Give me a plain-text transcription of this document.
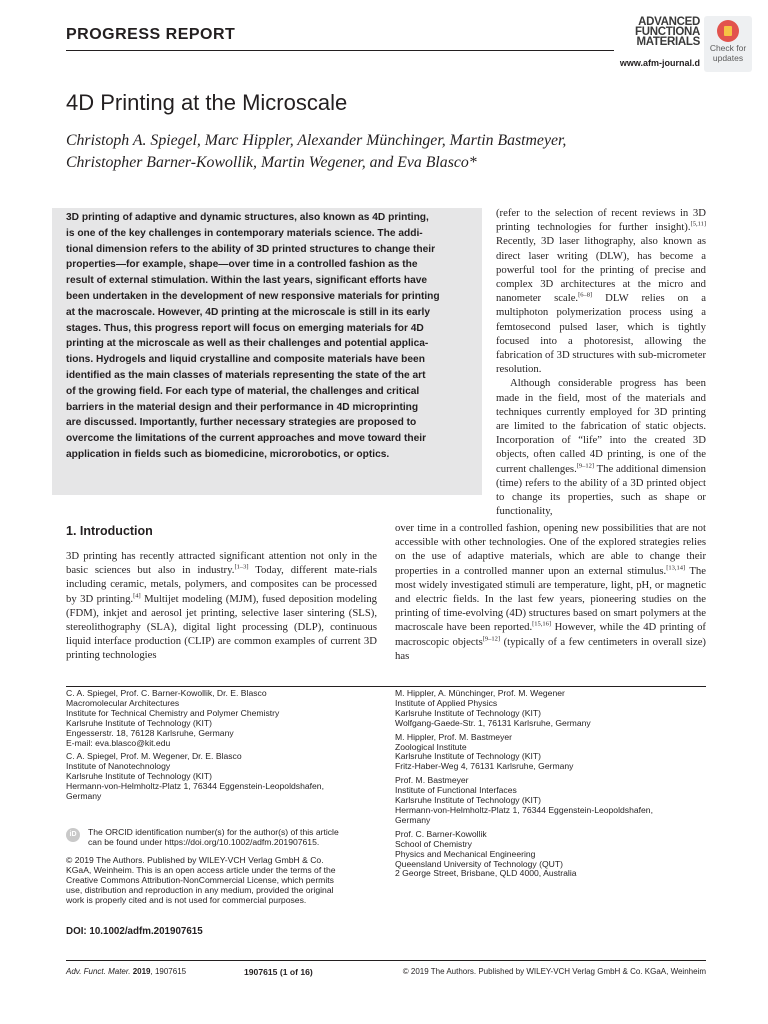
PROGRESS REPORT
ADVANCED
FUNCTIONA
MATERIALS
www.afm-journal.d
Check for
updates
4D Printing at the Microscale
Christoph A. Spiegel, Marc Hippler, Alexander Münchinger, Martin Bastmeyer,
Christopher Barner-Kowollik, Martin Wegener, and Eva Blasco*
3D printing of adaptive and dynamic structures, also known as 4D printing,
is one of the key challenges in contemporary materials science. The addi-
tional dimension refers to the ability of 3D printed structures to change their
properties—for example, shape—over time in a controlled fashion as the
result of external stimulation. Within the last years, significant efforts have
been undertaken in the development of new responsive materials for printing
at the macroscale. However, 4D printing at the microscale is still in its early
stages. Thus, this progress report will focus on emerging materials for 4D
printing at the microscale as well as their challenges and potential applica-
tions. Hydrogels and liquid crystalline and composite materials have been
identified as the main classes of materials representing the state of the art
of the growing field. For each type of material, the challenges and critical
barriers in the material design and their performance in 4D microprinting
are discussed. Importantly, further necessary strategies are proposed to
overcome the limitations of the current approaches and move toward their
application in fields such as biomedicine, microrobotics, or optics.
(refer to the selection of recent reviews in 3D printing technologies for further insight).[5,11] Recently, 3D laser lithography, also known as direct laser writing (DLW), has become a powerful tool for the printing of precise and complex 3D architectures at the micro and nanometer scale.[6–8] DLW relies on a multiphoton polymerization process using a femtosecond pulsed laser, which is tightly focused into a photoresist, allowing the fabrication of 3D structures with sub-micrometer resolution.
Although considerable progress has been made in the field, most of the materials and techniques currently employed for 3D printing are limited to the fabrication of static objects. Incorporation of “life” into the created 3D objects, often called 4D printing, is one of the current challenges.[9–12] The additional dimension (time) refers to the ability of a 3D printed object to change its properties, such as shape or functionality,
1. Introduction
3D printing has recently attracted significant attention not only in the basic sciences but also in industry.[1–3] Today, different mate-rials including ceramic, metals, polymers, and composites can be processed by 3D printing.[4] Multijet modeling (MJM), fused deposition modeling (FDM), inkjet and aerosol jet printing, selective laser sintering (SLS), stereolithography (SLA), digital light processing (DLP), continuous liquid interface production (CLIP) are common examples of current 3D printing technologies
over time in a controlled fashion, opening new possibilities that are not accessible with other technologies. One of the explored strategies relies on the use of adaptive materials, which are able to change their properties in a controlled manner upon an external stimulus.[13,14] The most widely investigated stimuli are temperature, light, pH, or magnetic and electric fields. In the last few years, pioneering studies on the printing of time-evolving (4D) structures based on smart polymers at the macroscale have been reported.[15,16] However, while the 4D printing of macroscopic objects[9–12] (typically of a few centimeters in overall size) has
C. A. Spiegel, Prof. C. Barner-Kowollik, Dr. E. Blasco
Macromolecular Architectures
Institute for Technical Chemistry and Polymer Chemistry
Karlsruhe Institute of Technology (KIT)
Engesserstr. 18, 76128 Karlsruhe, Germany
E-mail: eva.blasco@kit.edu
C. A. Spiegel, Prof. M. Wegener, Dr. E. Blasco
Institute of Nanotechnology
Karlsruhe Institute of Technology (KIT)
Hermann-von-Helmholtz-Platz 1, 76344 Eggenstein-Leopoldshafen,
Germany
M. Hippler, A. Münchinger, Prof. M. Wegener
Institute of Applied Physics
Karlsruhe Institute of Technology (KIT)
Wolfgang-Gaede-Str. 1, 76131 Karlsruhe, Germany
M. Hippler, Prof. M. Bastmeyer
Zoological Institute
Karlsruhe Institute of Technology (KIT)
Fritz-Haber-Weg 4, 76131 Karlsruhe, Germany
Prof. M. Bastmeyer
Institute of Functional Interfaces
Karlsruhe Institute of Technology (KIT)
Hermann-von-Helmholtz-Platz 1, 76344 Eggenstein-Leopoldshafen,
Germany
Prof. C. Barner-Kowollik
School of Chemistry
Physics and Mechanical Engineering
Queensland University of Technology (QUT)
2 George Street, Brisbane, QLD 4000, Australia
iD	The ORCID identification number(s) for the author(s) of this article
can be found under https://doi.org/10.1002/adfm.201907615.
© 2019 The Authors. Published by WILEY-VCH Verlag GmbH & Co.
KGaA, Weinheim. This is an open access article under the terms of the
Creative Commons Attribution-NonCommercial License, which permits
use, distribution and reproduction in any medium, provided the original
work is properly cited and is not used for commercial purposes.
DOI: 10.1002/adfm.201907615
Adv. Funct. Mater. 2019, 1907615	1907615 (1 of 16)	© 2019 The Authors. Published by WILEY-VCH Verlag GmbH & Co. KGaA, Weinheim
